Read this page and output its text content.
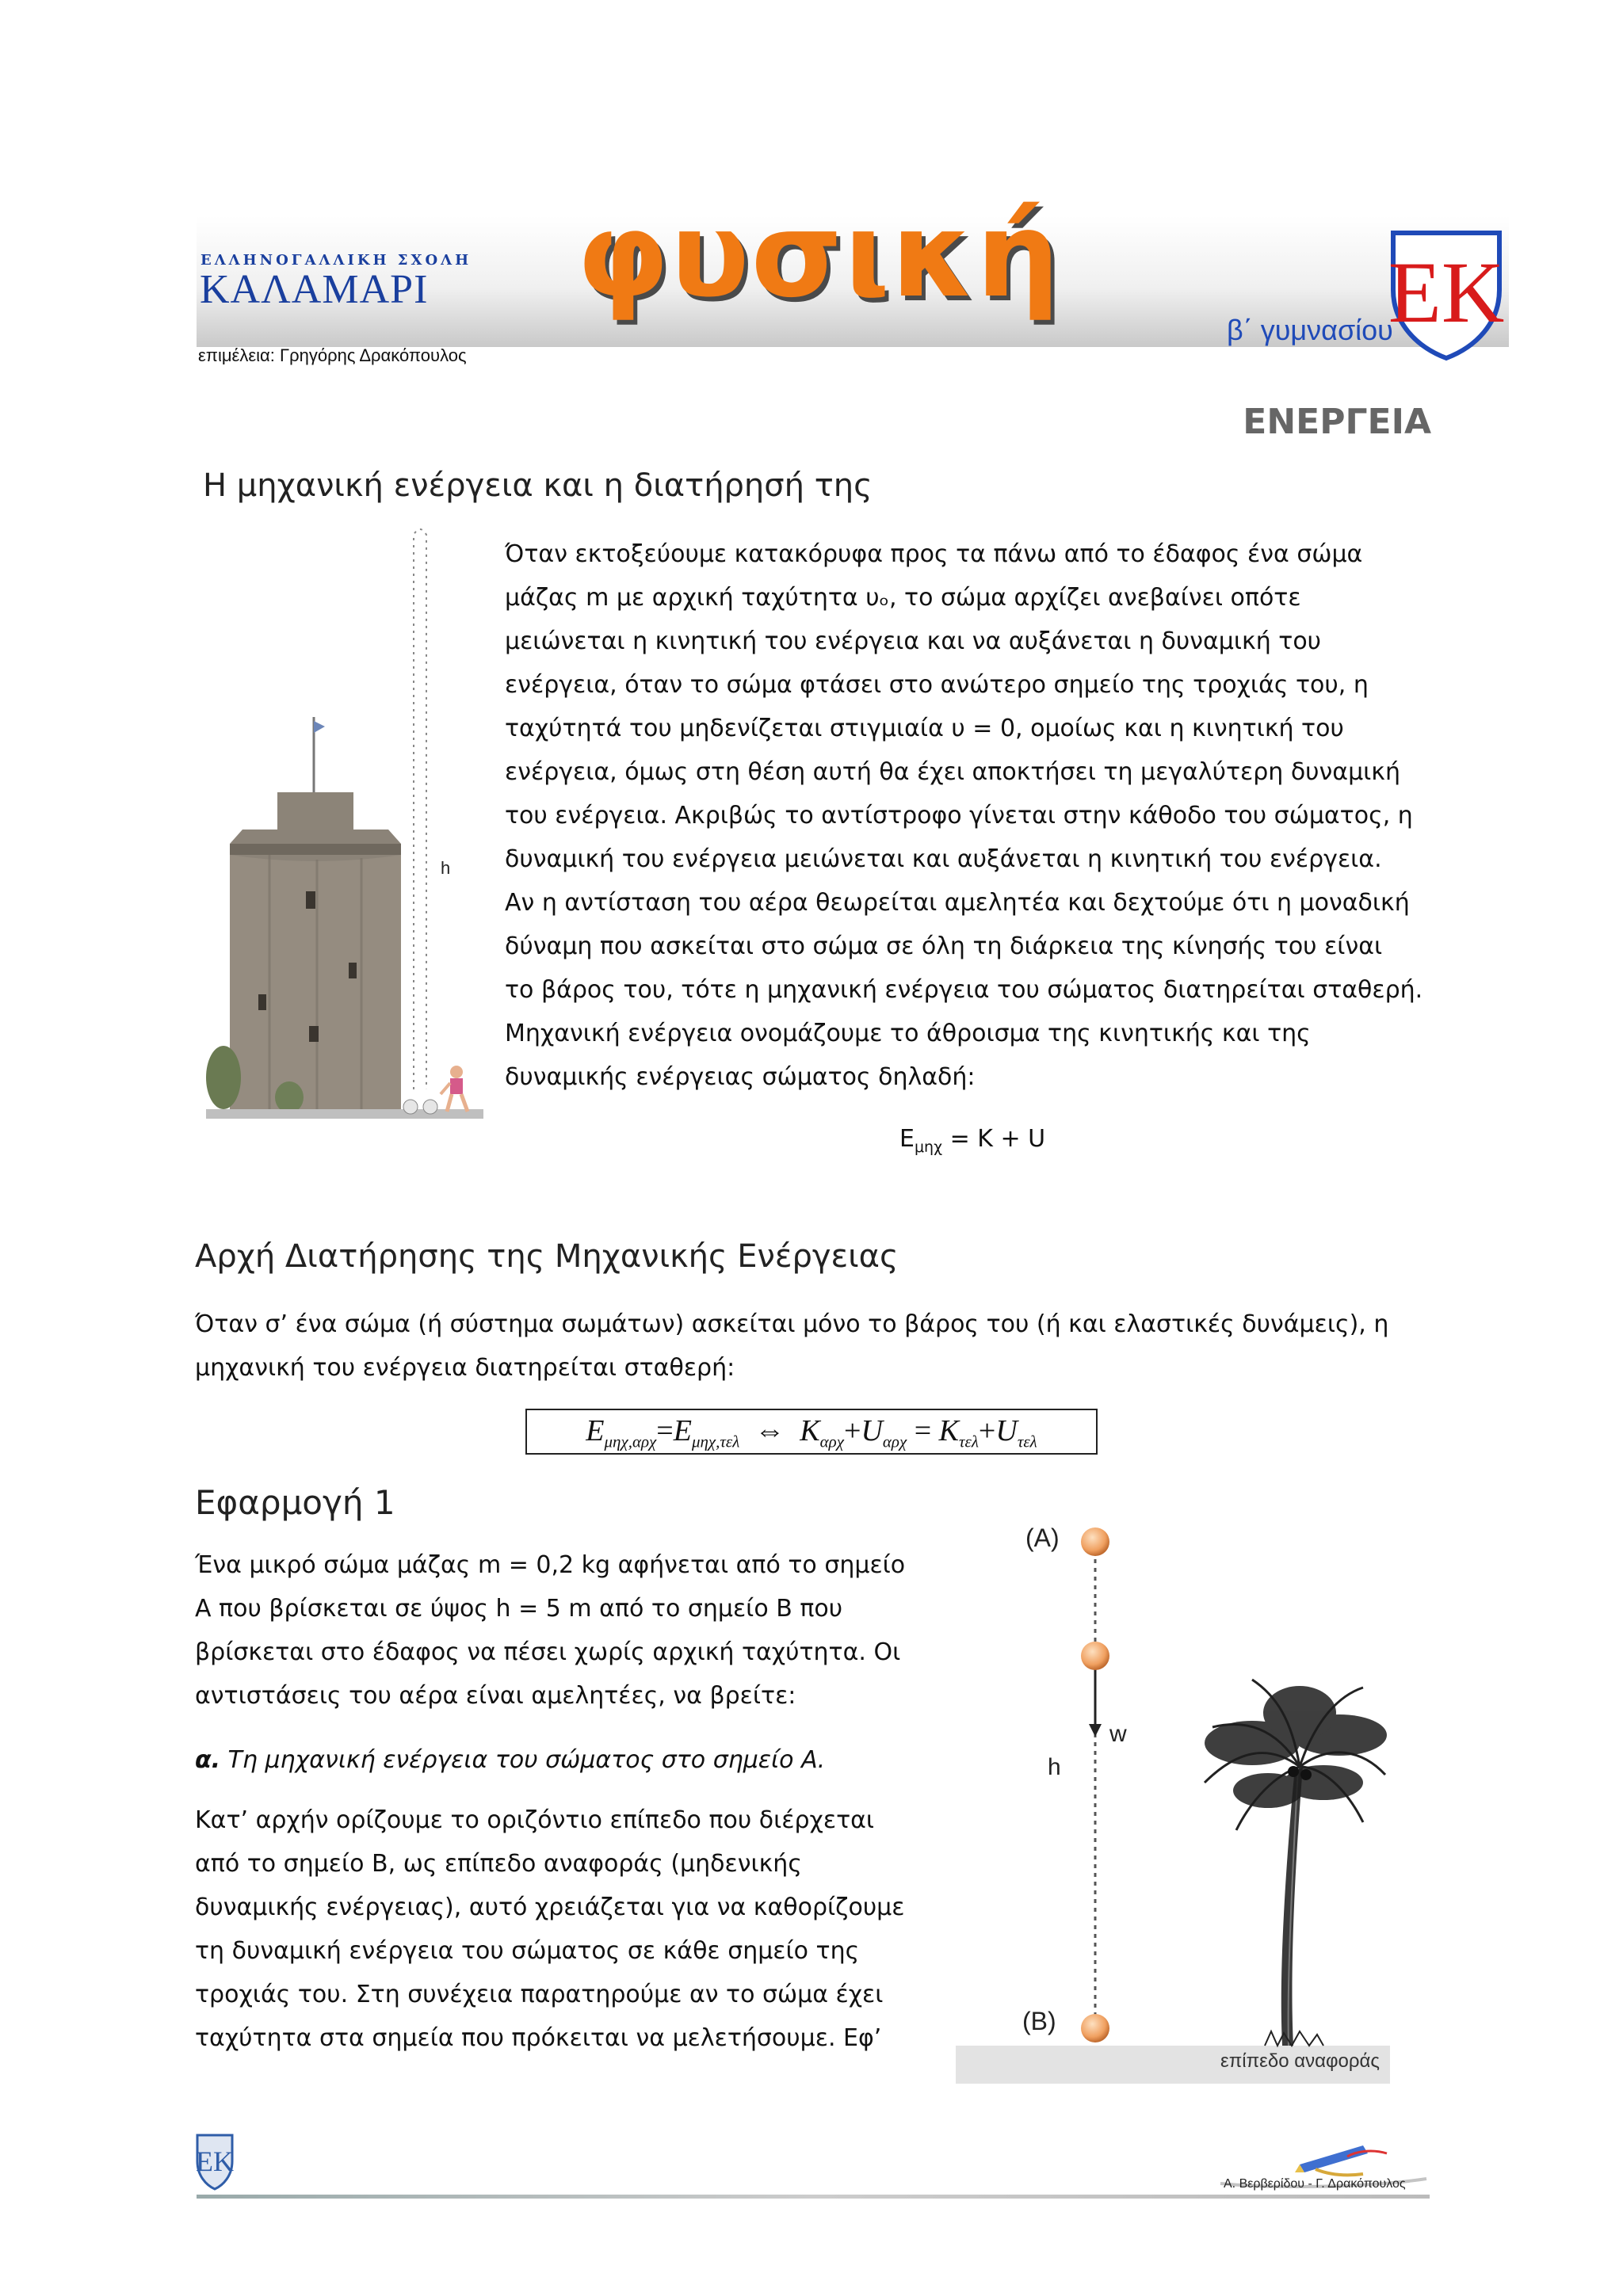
ΕΛΛΗΝΟΓΑΛΛΙΚΗ ΣΧΟΛΗ
ΚΑΛΑΜΑΡΙ
επιμέλεια: Γρηγόρης Δρακόπουλος
φυσική
β΄ γυμνασίου
ΕΚ
ΕΝΕΡΓΕΙΑ
Η μηχανική ενέργεια και η διατήρησή της
h
Όταν εκτοξεύουμε κατακόρυφα προς τα πάνω από το έδαφος ένα σώμα
μάζας m με αρχική ταχύτητα υₒ, το σώμα αρχίζει ανεβαίνει οπότε
μειώνεται η κινητική του ενέργεια και να αυξάνεται η δυναμική του
ενέργεια, όταν το σώμα φτάσει στο ανώτερο σημείο της τροχιάς του, η
ταχύτητά του μηδενίζεται στιγμιαία υ = 0, ομοίως και η κινητική του
ενέργεια, όμως στη θέση αυτή θα έχει αποκτήσει τη μεγαλύτερη δυναμική
του ενέργεια. Ακριβώς το αντίστροφο γίνεται στην κάθοδο του σώματος, η
δυναμική του ενέργεια μειώνεται και αυξάνεται η κινητική του ενέργεια.
Αν η αντίσταση του αέρα θεωρείται αμελητέα και δεχτούμε ότι η μοναδική
δύναμη που ασκείται στο σώμα σε όλη τη διάρκεια της κίνησής του είναι
το βάρος του, τότε η μηχανική ενέργεια του σώματος διατηρείται σταθερή.
Μηχανική ενέργεια ονομάζουμε το άθροισμα της κινητικής και της
δυναμικής ενέργειας σώματος δηλαδή:
$E_{\mu\eta\chi} = K + U$
Αρχή Διατήρησης της Μηχανικής Ενέργειας
Όταν σ’ ένα σώμα (ή σύστημα σωμάτων) ασκείται μόνο το βάρος του (ή και ελαστικές δυνάμεις), η
μηχανική του ενέργεια διατηρείται σταθερή:
$E_{\mu\eta\chi,\alpha\rho\chi}=E_{\mu\eta\chi,\tau\varepsilon\lambda}$ ⇔ $K_{\alpha\rho\chi}+U_{\alpha\rho\chi} = K_{\tau\varepsilon\lambda}+U_{\tau\varepsilon\lambda}$
Εφαρμογή 1
Ένα μικρό σώμα μάζας m = 0,2 kg αφήνεται από το σημείο
Α που βρίσκεται σε ύψος h = 5 m από το σημείο Β που
βρίσκεται στο έδαφος να πέσει χωρίς αρχική ταχύτητα. Οι
αντιστάσεις του αέρα είναι αμελητέες, να βρείτε:
α. Τη μηχανική ενέργεια του σώματος στο σημείο Α.
Κατ’ αρχήν ορίζουμε το οριζόντιο επίπεδο που διέρχεται
από το σημείο Β, ως επίπεδο αναφοράς (μηδενικής
δυναμικής ενέργειας), αυτό χρειάζεται για να καθορίζουμε
τη δυναμική ενέργεια του σώματος σε κάθε σημείο της
τροχιάς του. Στη συνέχεια παρατηρούμε αν το σώμα έχει
ταχύτητα στα σημεία που πρόκειται να μελετήσουμε. Εφ’
(A)
(B)
w
h
επίπεδο αναφοράς
ΕΚ
Α. Βερβερίδου - Γ. Δρακόπουλος
